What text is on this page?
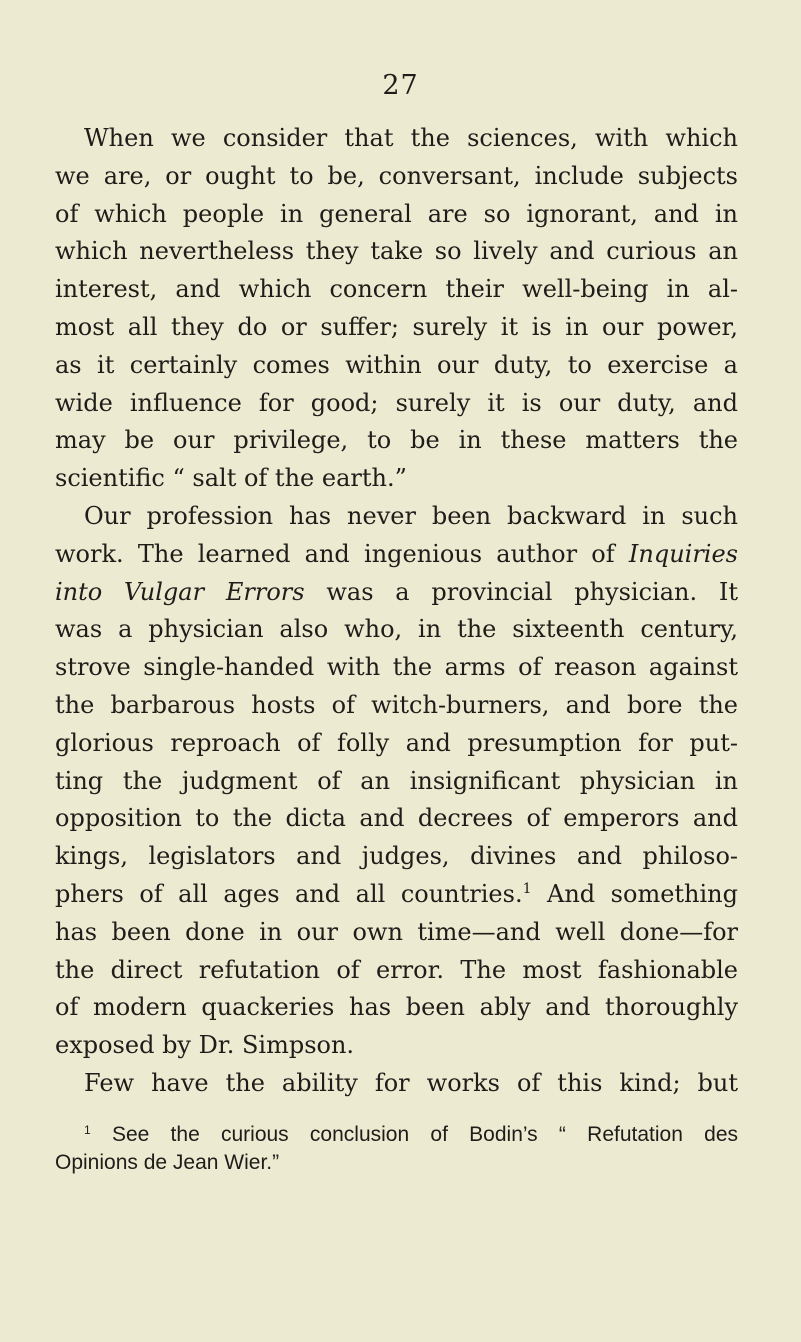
27
When we consider that the sciences, with which
we are, or ought to be, conversant, include subjects
of which people in general are so ignorant, and in
which nevertheless they take so lively and curious an
interest, and which concern their well-being in al-
most all they do or suffer; surely it is in our power,
as it certainly comes within our duty, to exercise a
wide influence for good; surely it is our duty, and
may be our privilege, to be in these matters the
scientific “ salt of the earth.”
Our profession has never been backward in such
work. The learned and ingenious author of Inquiries
into Vulgar Errors was a provincial physician. It
was a physician also who, in the sixteenth century,
strove single-handed with the arms of reason against
the barbarous hosts of witch-burners, and bore the
glorious reproach of folly and presumption for put-
ting the judgment of an insignificant physician in
opposition to the dicta and decrees of emperors and
kings, legislators and judges, divines and philoso-
phers of all ages and all countries.$^1$ And something
has been done in our own time—and well done—for
the direct refutation of error. The most fashionable
of modern quackeries has been ably and thoroughly
exposed by Dr. Simpson.
Few have the ability for works of this kind; but
$^1$ See the curious conclusion of Bodin’s “ Refutation des
Opinions de Jean Wier.”
